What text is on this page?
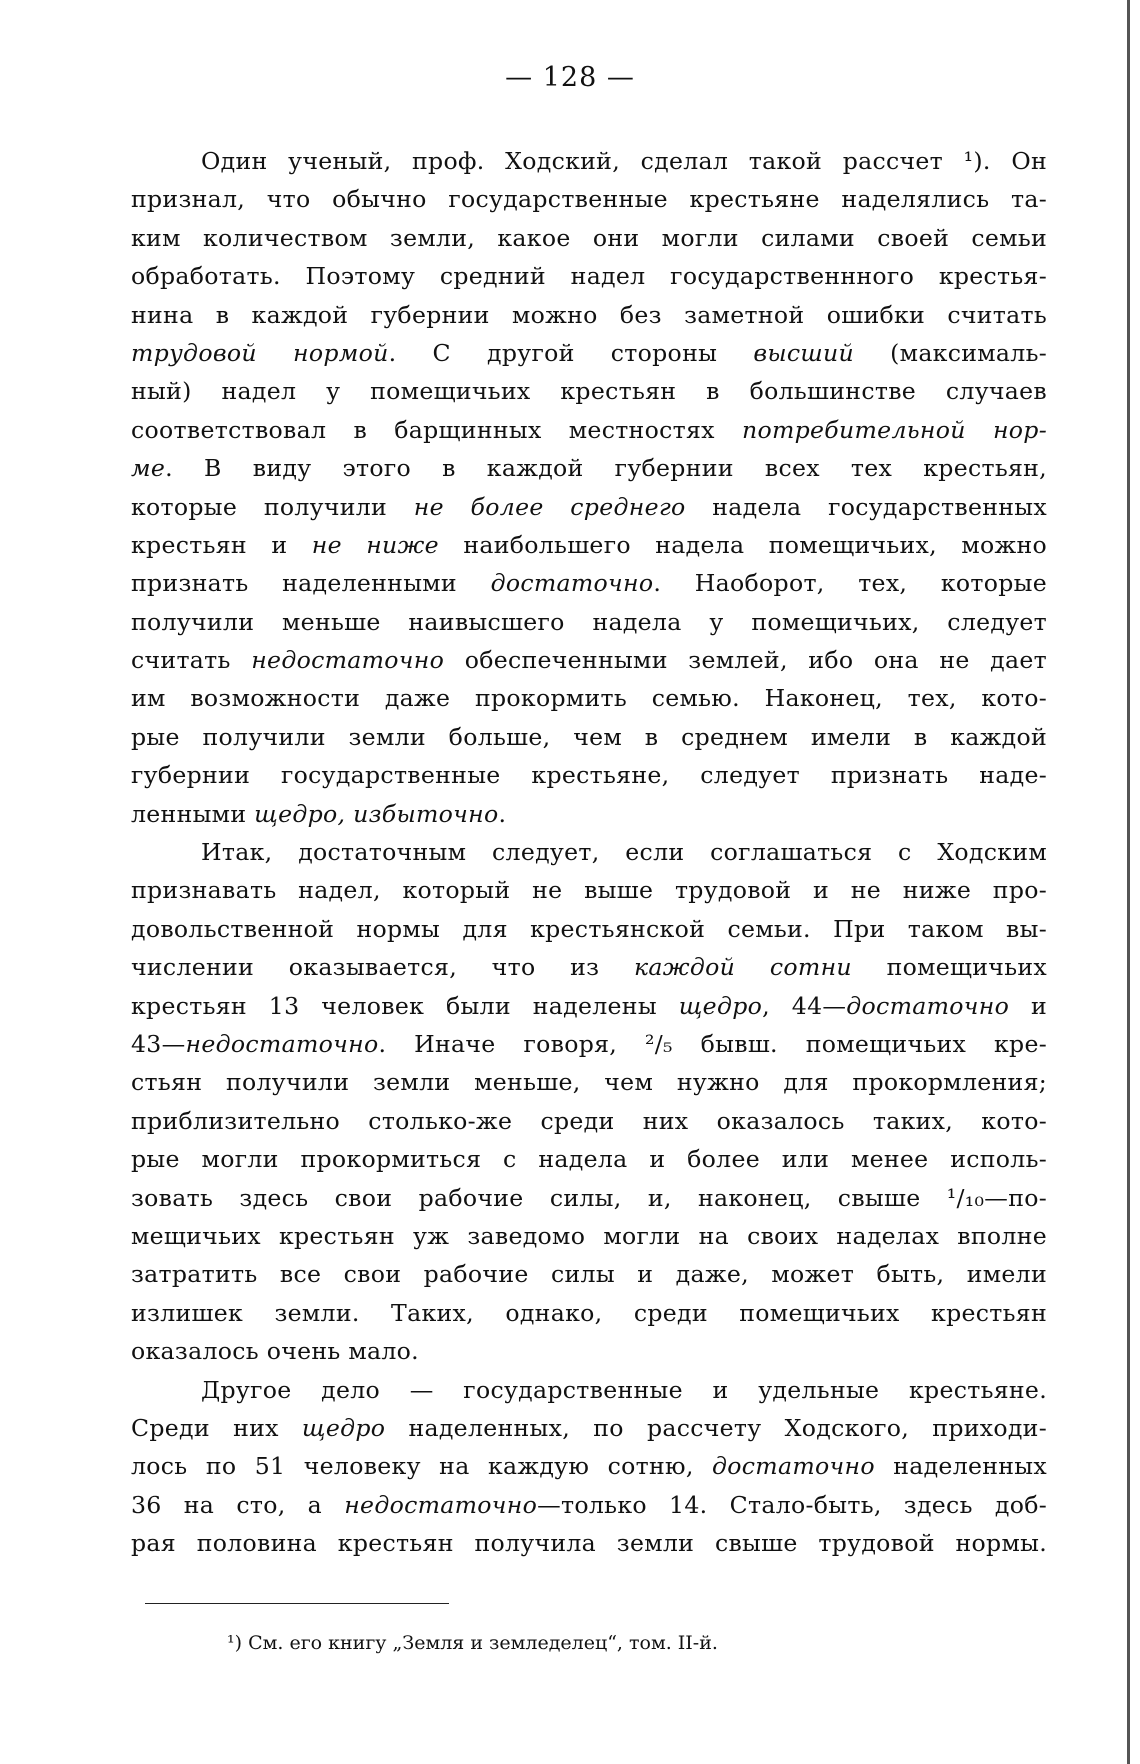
— 128 —
Один ученый, проф. Ходский, сделал такой рассчет ¹). Он
признал, что обычно государственные крестьяне наделялись та-
ким количеством земли, какое они могли силами своей семьи
обработать. Поэтому средний надел государственнного крестья-
нина в каждой губернии можно без заметной ошибки считать
трудовой нормой. С другой стороны высший (максималь-
ный) надел у помещичьих крестьян в большинстве случаев
соответствовал в барщинных местностях потребительной нор-
ме. В виду этого в каждой губернии всех тех крестьян,
которые получили не более среднего надела государственных
крестьян и не ниже наибольшего надела помещичьих, можно
признать наделенными достаточно. Наоборот, тех, которые
получили меньше наивысшего надела у помещичьих, следует
считать недостаточно обеспеченными землей, ибо она не дает
им возможности даже прокормить семью. Наконец, тех, кото-
рые получили земли больше, чем в среднем имели в каждой
губернии государственные крестьяне, следует признать наде-
ленными щедро, избыточно.
Итак, достаточным следует, если соглашаться с Ходским
признавать надел, который не выше трудовой и не ниже про-
довольственной нормы для крестьянской семьи. При таком вы-
числении оказывается, что из каждой сотни помещичьих
крестьян 13 человек были наделены щедро, 44—достаточно и
43—недостаточно. Иначе говоря, ²/₅ бывш. помещичьих кре-
стьян получили земли меньше, чем нужно для прокормления;
приблизительно столько-же среди них оказалось таких, кото-
рые могли прокормиться с надела и более или менее исполь-
зовать здесь свои рабочие силы, и, наконец, свыше ¹/₁₀—по-
мещичьих крестьян уж заведомо могли на своих наделах вполне
затратить все свои рабочие силы и даже, может быть, имели
излишек земли. Таких, однако, среди помещичьих крестьян
оказалось очень мало.
Другое дело — государственные и удельные крестьяне.
Среди них щедро наделенных, по рассчету Ходского, приходи-
лось по 51 человеку на каждую сотню, достаточно наделенных
36 на сто, а недостаточно—только 14. Стало-быть, здесь доб-
рая половина крестьян получила земли свыше трудовой нормы.
¹) См. его книгу „Земля и земледелец“, том. II-й.
